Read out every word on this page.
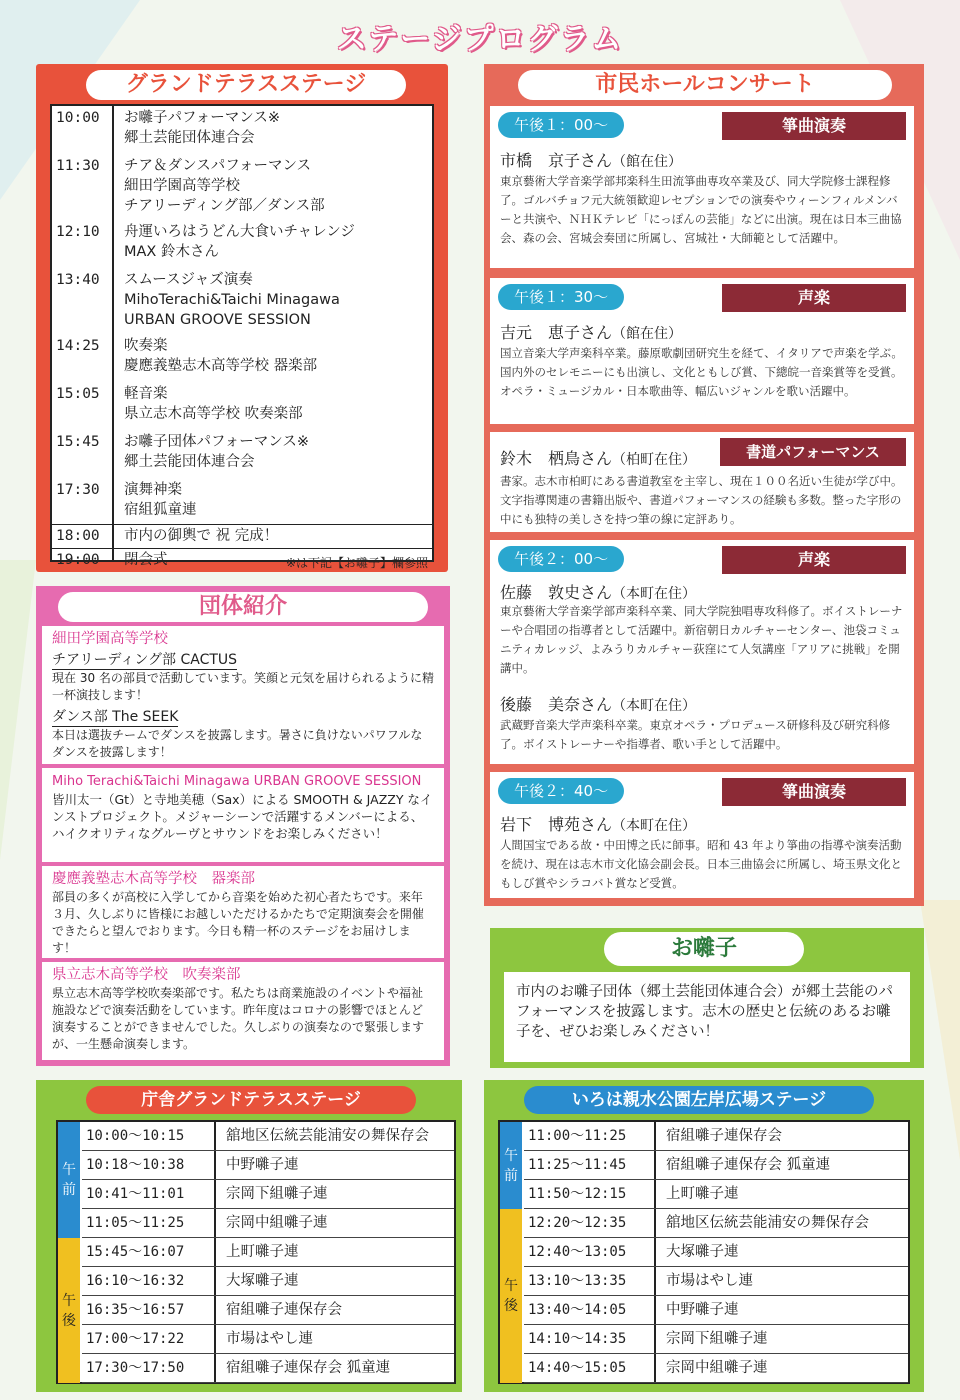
ステージプログラム
グランドテラスステージ
10:00	お囃子パフォーマンス※
郷土芸能団体連合会
11:30	チア＆ダンスパフォーマンス
細田学園高等学校
チアリーディング部／ダンス部
12:10	舟運いろはうどん大食いチャレンジ
MAX 鈴木さん
13:40	スムースジャズ演奏
MihoTerachi&Taichi Minagawa
URBAN GROOVE SESSION
14:25	吹奏楽
慶應義塾志木高等学校 器楽部
15:05	軽音楽
県立志木高等学校 吹奏楽部
15:45	お囃子団体パフォーマンス※
郷土芸能団体連合会
17:30	演舞神楽
宿組狐童連
18:00	市内の御輿で 祝 完成！
19:00	閉会式	※は下記【お囃子】欄参照
団体紹介
細田学園高等学校
チアリーディング部 CACTUS
現在 30 名の部員で活動しています。笑顔と元気を届けられるように精一杯演技します！
ダンス部 The SEEK
本日は選抜チームでダンスを披露します。暑さに負けないパワフルなダンスを披露します！
Miho Terachi&Taichi Minagawa URBAN GROOVE SESSION
皆川太一（Gt）と寺地美穂（Sax）による SMOOTH & JAZZY なインストプロジェクト。メジャーシーンで活躍するメンバーによる、ハイクオリティなグルーヴとサウンドをお楽しみください！
慶應義塾志木高等学校　器楽部
部員の多くが高校に入学してから音楽を始めた初心者たちです。来年３月、久しぶりに皆様にお越しいただけるかたちで定期演奏会を開催できたらと望んでおります。今日も精一杯のステージをお届けします！
県立志木高等学校　吹奏楽部
県立志木高等学校吹奏楽部です。私たちは商業施設のイベントや福祉施設などで演奏活動をしています。昨年度はコロナの影響でほとんど演奏することができませんでした。久しぶりの演奏なので緊張しますが、一生懸命演奏します。
市民ホールコンサート
午後１：00～	箏曲演奏
市橋　京子さん（館在住）
東京藝術大学音楽学部邦楽科生田流箏曲専攻卒業及び、同大学院修士課程修了。ゴルバチョフ元大統領歓迎レセプションでの演奏やウィーンフィルメンバーと共演や、ＮＨＫテレビ「にっぽんの芸能」などに出演。現在は日本三曲協会、森の会、宮城会奏団に所属し、宮城社・大師範として活躍中。
午後１：30～	声楽
吉元　恵子さん（館在住）
国立音楽大学声楽科卒業。藤原歌劇団研究生を経て、イタリアで声楽を学ぶ。国内外のセレモニーにも出演し、文化ともしび賞、下總皖一音楽賞等を受賞。オペラ・ミュージカル・日本歌曲等、幅広いジャンルを歌い活躍中。
書道パフォーマンス
鈴木　栖鳥さん（柏町在住）
書家。志木市柏町にある書道教室を主宰し、現在１００名近い生徒が学び中。文字指導関連の書籍出版や、書道パフォーマンスの経験も多数。整った字形の中にも独特の美しさを持つ筆の線に定評あり。
午後２：00～	声楽
佐藤　敦史さん（本町在住）
東京藝術大学音楽学部声楽科卒業、同大学院独唱専攻科修了。ボイストレーナーや合唱団の指導者として活躍中。新宿朝日カルチャーセンター、池袋コミュニティカレッジ、よみうりカルチャー荻窪にて人気講座「アリアに挑戦」を開講中。
後藤　美奈さん（本町在住）
武蔵野音楽大学声楽科卒業。東京オペラ・プロデュース研修科及び研究科修了。ボイストレーナーや指導者、歌い手として活躍中。
午後２：40～	箏曲演奏
岩下　博苑さん（本町在住）
人間国宝である故・中田博之氏に師事。昭和 43 年より箏曲の指導や演奏活動を続け、現在は志木市文化協会副会長。日本三曲協会に所属し、埼玉県文化ともしび賞やシラコバト賞など受賞。
お囃子
市内のお囃子団体（郷土芸能団体連合会）が郷土芸能のパフォーマンスを披露します。志木の歴史と伝統のあるお囃子を、ぜひお楽しみください！
庁舎グランドテラスステージ
午前
午後
10:00～10:15	舘地区伝統芸能浦安の舞保存会
10:18～10:38	中野囃子連
10:41～11:01	宗岡下組囃子連
11:05～11:25	宗岡中組囃子連
15:45～16:07	上町囃子連
16:10～16:32	大塚囃子連
16:35～16:57	宿組囃子連保存会
17:00～17:22	市場はやし連
17:30～17:50	宿組囃子連保存会 狐童連
いろは親水公園左岸広場ステージ
午前
午後
11:00～11:25	宿組囃子連保存会
11:25～11:45	宿組囃子連保存会 狐童連
11:50～12:15	上町囃子連
12:20～12:35	舘地区伝統芸能浦安の舞保存会
12:40～13:05	大塚囃子連
13:10～13:35	市場はやし連
13:40～14:05	中野囃子連
14:10～14:35	宗岡下組囃子連
14:40～15:05	宗岡中組囃子連
